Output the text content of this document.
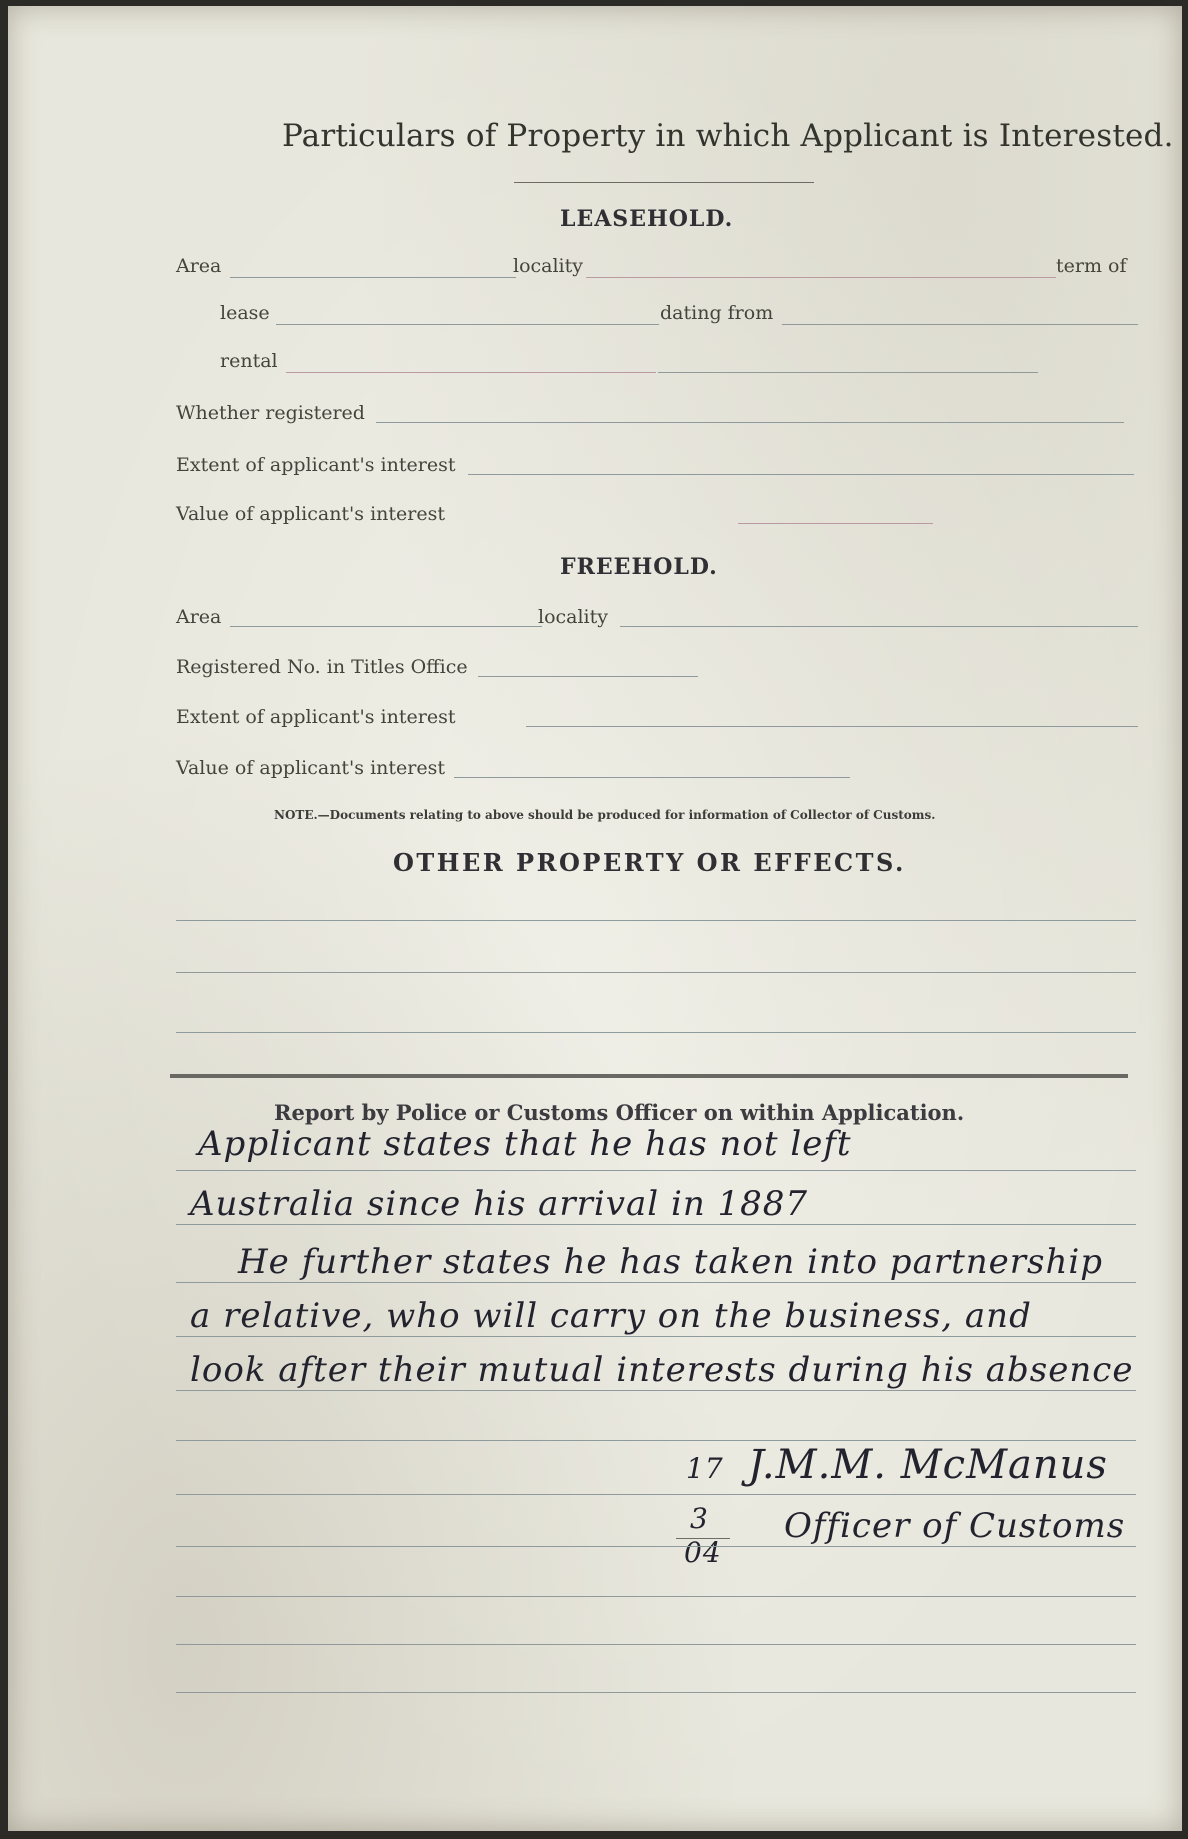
Particulars of Property in which Applicant is Interested.
LEASEHOLD.
Area	locality	term of
lease	dating from
rental
Whether registered
Extent of applicant's interest
Value of applicant's interest
FREEHOLD.
Area	locality
Registered No. in Titles Office
Extent of applicant's interest
Value of applicant's interest
NOTE.—Documents relating to above should be produced for information of Collector of Customs.
OTHER PROPERTY OR EFFECTS.
Report by Police or Customs Officer on within Application.
Applicant states that he has not left
Australia since his arrival in 1887
He further states he has taken into partnership
a relative, who will carry on the business, and
look after their mutual interests during his absence
17 J.M.M. McManus
3
04
Officer of Customs
